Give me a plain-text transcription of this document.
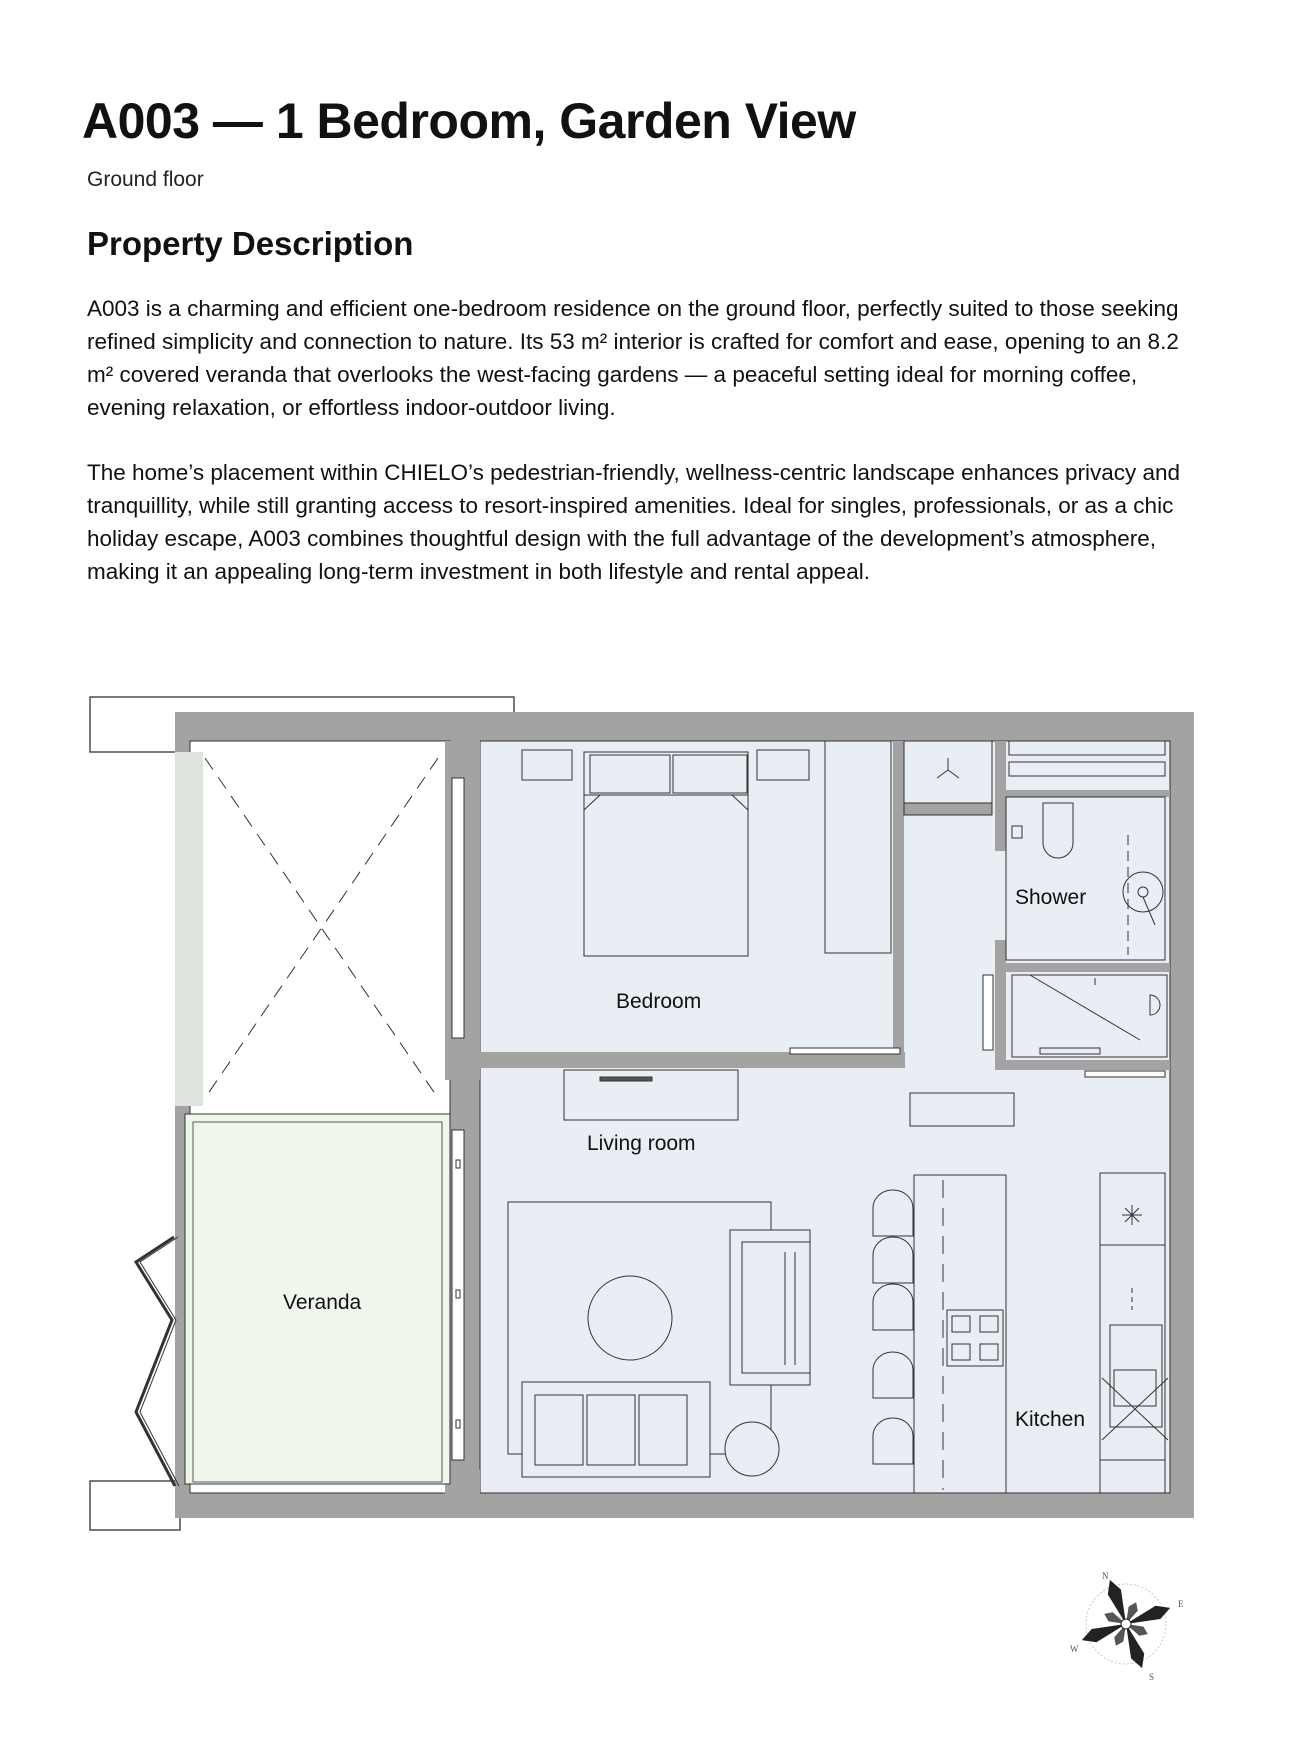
A003 — 1 Bedroom, Garden View

Ground floor

Property Description

A003 is a charming and efficient one-bedroom residence on the ground floor, perfectly suited to those seeking refined simplicity and connection to nature. Its 53 m² interior is crafted for comfort and ease, opening to an 8.2 m² covered veranda that overlooks the west-facing gardens — a peaceful setting ideal for morning coffee, evening relaxation, or effortless indoor-outdoor living.

The home’s placement within CHIELO’s pedestrian-friendly, wellness-centric landscape enhances privacy and tranquillity, while still granting access to resort-inspired amenities. Ideal for singles, professionals, or as a chic holiday escape, A003 combines thoughtful design with the full advantage of the development’s atmosphere, making it an appealing long-term investment in both lifestyle and rental appeal.

Shower
Bedroom
Living room
Veranda
Kitchen
N
E
S
W
